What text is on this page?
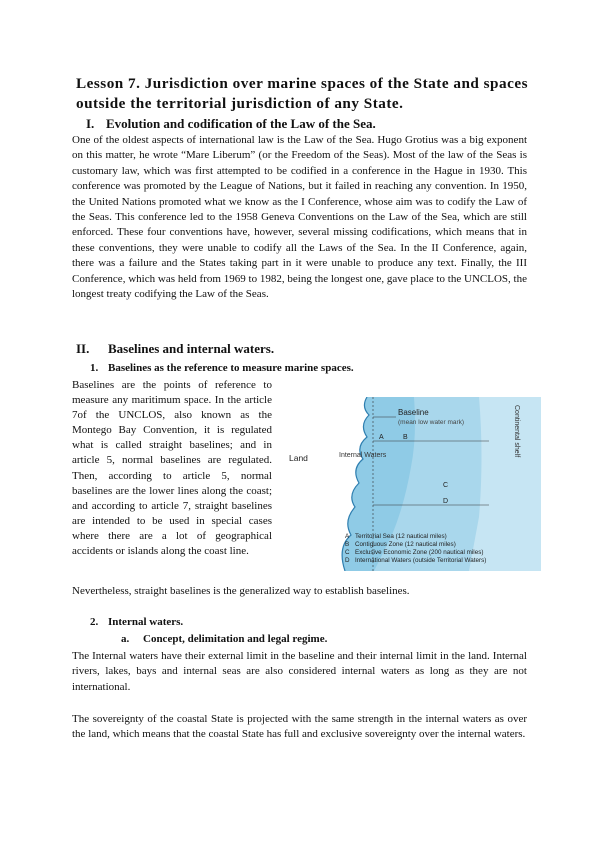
Lesson 7. Jurisdiction over marine spaces of the State and spaces outside the territorial jurisdiction of any State.
I. Evolution and codification of the Law of the Sea.

One of the oldest aspects of international law is the Law of the Sea. Hugo Grotius was a big exponent on this matter, he wrote “Mare Liberum” (or the Freedom of the Seas). Most of the law of the Seas is customary law, which was first attempted to be codified in a conference in the Hague in 1930. This conference was promoted by the League of Nations, but it failed in reaching any convention. In 1950, the United Nations promoted what we know as the I Conference, whose aim was to codify the Law of the Seas. This conference led to the 1958 Geneva Conventions on the Law of the Sea, which are still enforced. These four conventions have, however, several missing codifications, which means that in these conventions, they were unable to codify all the Laws of the Sea. In the II Conference, again, there was a failure and the States taking part in it were unable to produce any text. Finally, the III Conference, which was held from 1969 to 1982, being the longest one, gave place to the UNCLOS, the longest treaty codifying the Law of the Seas.

II. Baselines and internal waters.
1. Baselines as the reference to measure marine spaces.

Baselines are the points of reference to measure any maritimum space. In the article 7of the UNCLOS, also known as the Montego Bay Convention, it is regulated what is called straight baselines; and in article 5, normal baselines are regulated. Then, according to article 5, normal baselines are the lower lines along the coast; and according to article 7, straight baselines are intended to be used in special cases where there are a lot of geographical accidents or islands along the coast line.

Baseline
(mean low water mark)
Land	Internal Waters	Continental shelf
A	B
C
D
A Territorial Sea (12 nautical miles)
B Contiguous Zone (12 nautical miles)
C Exclusive Economic Zone (200 nautical miles)
D International Waters (outside Territorial Waters)

Nevertheless, straight baselines is the generalized way to establish baselines.

2. Internal waters.
a. Concept, delimitation and legal regime.

The Internal waters have their external limit in the baseline and their internal limit in the land. Internal rivers, lakes, bays and internal seas are also considered internal waters as long as they are not international.

The sovereignty of the coastal State is projected with the same strength in the internal waters as over the land, which means that the coastal State has full and exclusive sovereignty over the internal waters.
